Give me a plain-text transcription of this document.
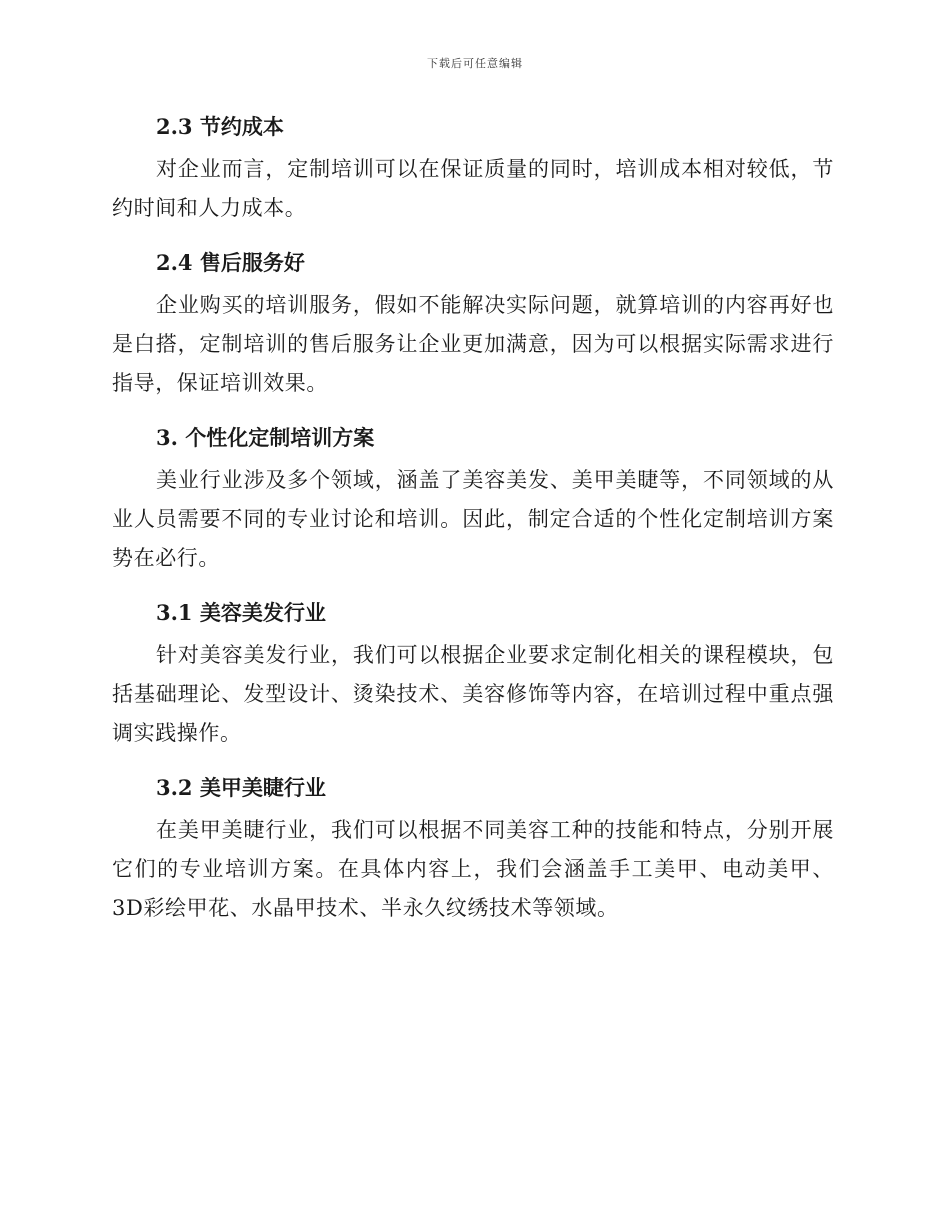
下载后可任意编辑
2.3 节约成本

对企业而言，定制培训可以在保证质量的同时，培训成本相对较低，节约时间和人力成本。

2.4 售后服务好

企业购买的培训服务，假如不能解决实际问题，就算培训的内容再好也是白搭，定制培训的售后服务让企业更加满意，因为可以根据实际需求进行指导，保证培训效果。

3. 个性化定制培训方案

美业行业涉及多个领域，涵盖了美容美发、美甲美睫等，不同领域的从业人员需要不同的专业讨论和培训。因此，制定合适的个性化定制培训方案势在必行。

3.1 美容美发行业

针对美容美发行业，我们可以根据企业要求定制化相关的课程模块，包括基础理论、发型设计、烫染技术、美容修饰等内容，在培训过程中重点强调实践操作。

3.2 美甲美睫行业

在美甲美睫行业，我们可以根据不同美容工种的技能和特点，分别开展它们的专业培训方案。在具体内容上，我们会涵盖手工美甲、电动美甲、3D彩绘甲花、水晶甲技术、半永久纹绣技术等领域。
